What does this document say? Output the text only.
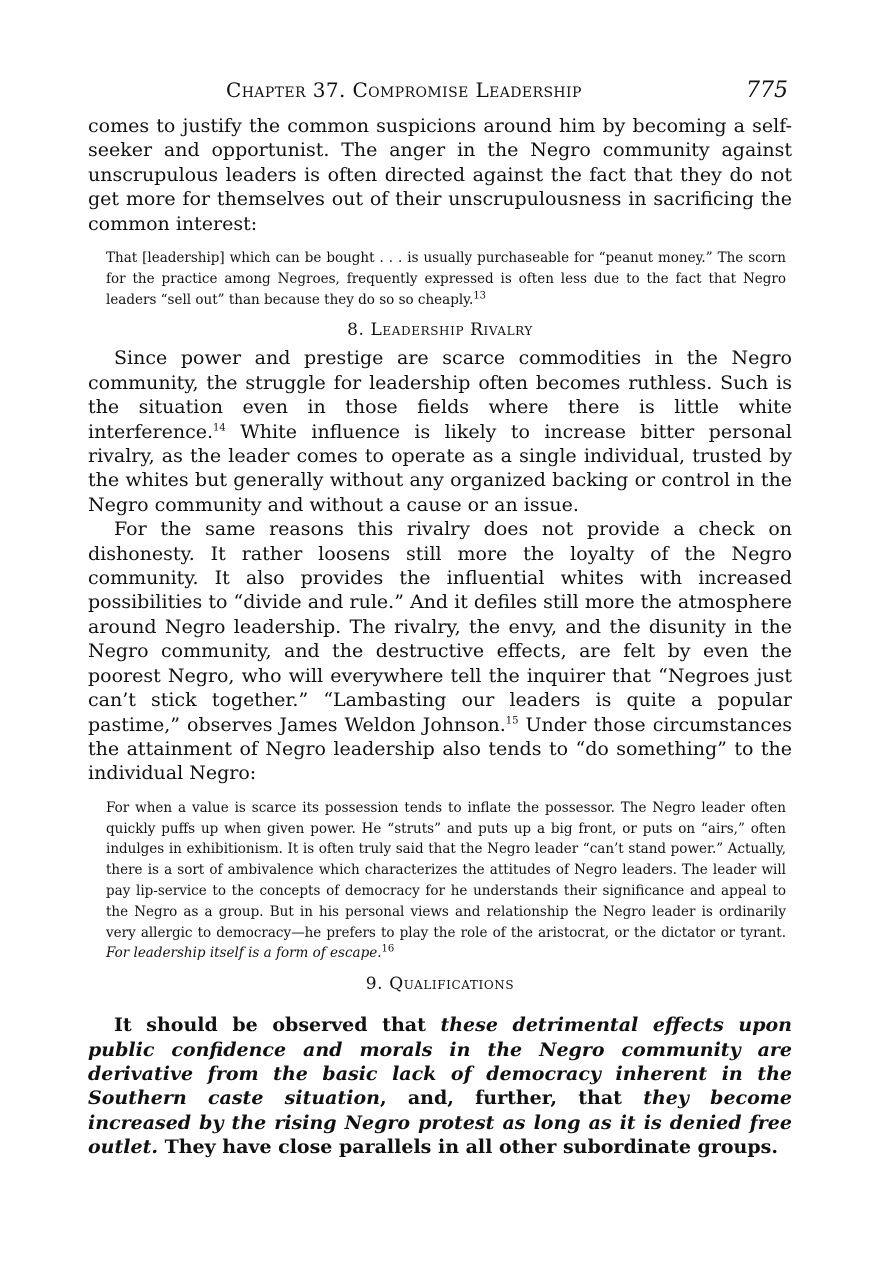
Chapter 37. Compromise Leadership	775

comes to justify the common suspicions around him by becoming a self-seeker and opportunist. The anger in the Negro community against unscrupulous leaders is often directed against the fact that they do not get more for themselves out of their unscrupulousness in sacrificing the common interest:

That [leadership] which can be bought . . . is usually purchaseable for “peanut money.” The scorn for the practice among Negroes, frequently expressed is often less due to the fact that Negro leaders “sell out” than because they do so so cheaply.$^{13}$

8. Leadership Rivalry

Since power and prestige are scarce commodities in the Negro community, the struggle for leadership often becomes ruthless. Such is the situation even in those fields where there is little white interference.$^{14}$ White influence is likely to increase bitter personal rivalry, as the leader comes to operate as a single individual, trusted by the whites but generally without any organized backing or control in the Negro community and without a cause or an issue.

For the same reasons this rivalry does not provide a check on dishonesty. It rather loosens still more the loyalty of the Negro community. It also provides the influential whites with increased possibilities to “divide and rule.” And it defiles still more the atmosphere around Negro leadership. The rivalry, the envy, and the disunity in the Negro community, and the destructive effects, are felt by even the poorest Negro, who will everywhere tell the inquirer that “Negroes just can’t stick together.” “Lambasting our leaders is quite a popular pastime,” observes James Weldon Johnson.$^{15}$ Under those circumstances the attainment of Negro leadership also tends to “do something” to the individual Negro:

For when a value is scarce its possession tends to inflate the possessor. The Negro leader often quickly puffs up when given power. He “struts” and puts up a big front, or puts on “airs,” often indulges in exhibitionism. It is often truly said that the Negro leader “can’t stand power.” Actually, there is a sort of ambivalence which characterizes the attitudes of Negro leaders. The leader will pay lip-service to the concepts of democracy for he understands their significance and appeal to the Negro as a group. But in his personal views and relationship the Negro leader is ordinarily very allergic to democracy—he prefers to play the role of the aristocrat, or the dictator or tyrant. For leadership itself is a form of escape.$^{16}$

9. Qualifications

It should be observed that these detrimental effects upon public confidence and morals in the Negro community are derivative from the basic lack of democracy inherent in the Southern caste situation, and, further, that they become increased by the rising Negro protest as long as it is denied free outlet. They have close parallels in all other subordinate groups.
